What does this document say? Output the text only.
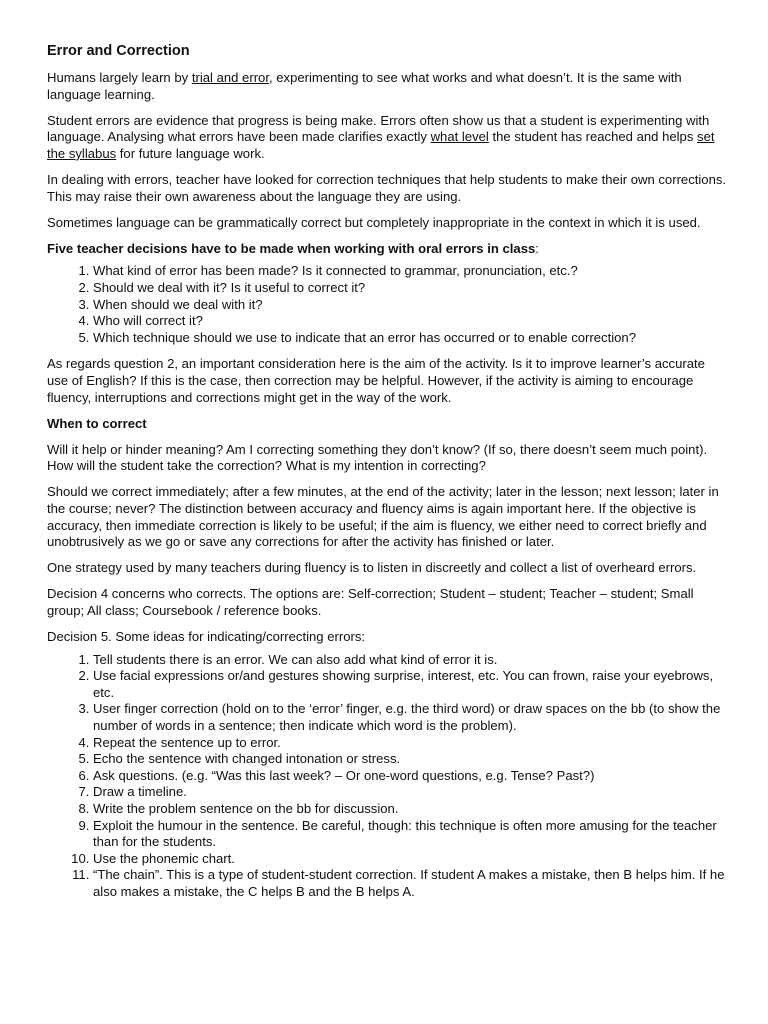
Error and Correction

Humans largely learn by trial and error, experimenting to see what works and what doesn’t. It is the same with language learning.

Student errors are evidence that progress is being make. Errors often show us that a student is experimenting with language. Analysing what errors have been made clarifies exactly what level the student has reached and helps set the syllabus for future language work.

In dealing with errors, teacher have looked for correction techniques that help students to make their own corrections. This may raise their own awareness about the language they are using.

Sometimes language can be grammatically correct but completely inappropriate in the context in which it is used.

Five teacher decisions have to be made when working with oral errors in class:

1. What kind of error has been made? Is it connected to grammar, pronunciation, etc.?
2. Should we deal with it? Is it useful to correct it?
3. When should we deal with it?
4. Who will correct it?
5. Which technique should we use to indicate that an error has occurred or to enable correction?

As regards question 2, an important consideration here is the aim of the activity. Is it to improve learner’s accurate use of English? If this is the case, then correction may be helpful. However, if the activity is aiming to encourage fluency, interruptions and corrections might get in the way of the work.

When to correct

Will it help or hinder meaning? Am I correcting something they don’t know? (If so, there doesn’t seem much point). How will the student take the correction? What is my intention in correcting?

Should we correct immediately; after a few minutes, at the end of the activity; later in the lesson; next lesson; later in the course; never? The distinction between accuracy and fluency aims is again important here. If the objective is accuracy, then immediate correction is likely to be useful; if the aim is fluency, we either need to correct briefly and unobtrusively as we go or save any corrections for after the activity has finished or later.

One strategy used by many teachers during fluency is to listen in discreetly and collect a list of overheard errors.

Decision 4 concerns who corrects. The options are: Self-correction; Student – student; Teacher – student; Small group; All class; Coursebook / reference books.

Decision 5. Some ideas for indicating/correcting errors:

1. Tell students there is an error. We can also add what kind of error it is.
2. Use facial expressions or/and gestures showing surprise, interest, etc. You can frown, raise your eyebrows, etc.
3. User finger correction (hold on to the ‘error’ finger, e.g. the third word) or draw spaces on the bb (to show the number of words in a sentence; then indicate which word is the problem).
4. Repeat the sentence up to error.
5. Echo the sentence with changed intonation or stress.
6. Ask questions. (e.g. “Was this last week? – Or one-word questions, e.g. Tense? Past?)
7. Draw a timeline.
8. Write the problem sentence on the bb for discussion.
9. Exploit the humour in the sentence. Be careful, though: this technique is often more amusing for the teacher than for the students.
10. Use the phonemic chart.
11. “The chain”. This is a type of student-student correction. If student A makes a mistake, then B helps him. If he also makes a mistake, the C helps B and the B helps A.
